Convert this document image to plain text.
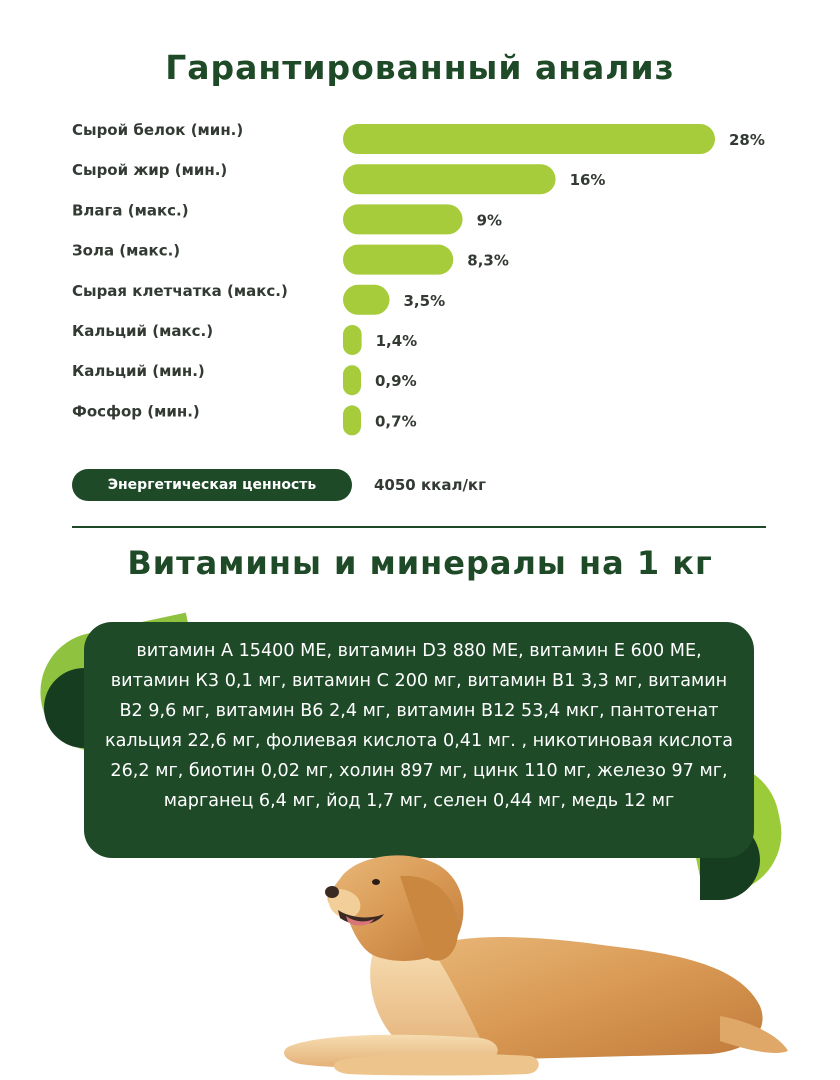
Гарантированный анализ
Сырой белок (мин.)
28%
Сырой жир (мин.)
16%
Влага (макс.)
9%
Зола (макс.)
8,3%
Сырая клетчатка (макс.)
3,5%
Кальций (макс.)
1,4%
Кальций (мин.)
0,9%
Фосфор (мин.)
0,7%
Энергетическая ценность	4050 ккал/кг
Витамины и минералы на 1 кг
витамин A 15400 МЕ, витамин D3 880 МЕ, витамин Е 600 МЕ, витамин К3 0,1 мг, витамин С 200 мг, витамин B1 3,3 мг, витамин B2 9,6 мг, витамин B6 2,4 мг, витамин B12 53,4 мкг, пантотенат кальция 22,6 мг, фолиевая кислота 0,41 мг. , никотиновая кислота 26,2 мг, биотин 0,02 мг, холин 897 мг, цинк 110 мг, железо 97 мг, марганец 6,4 мг, йод 1,7 мг, селен 0,44 мг, медь 12 мг
